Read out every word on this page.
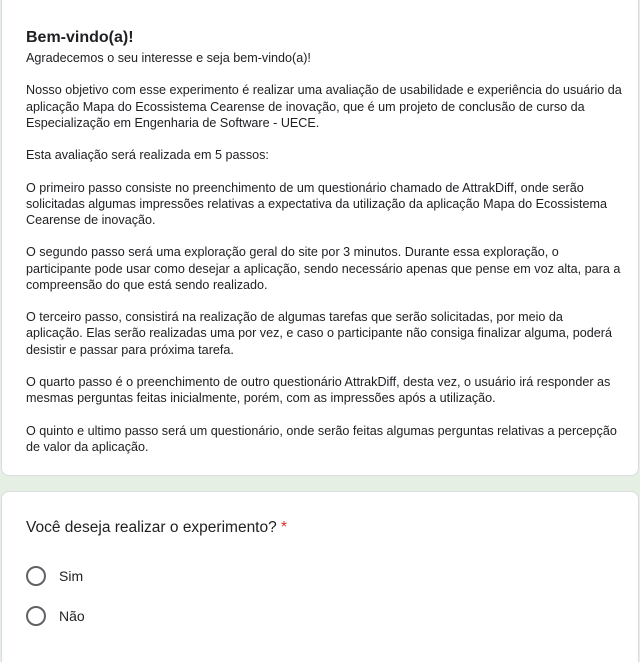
Bem-vindo(a)!

Agradecemos o seu interesse e seja bem-vindo(a)!

Nosso objetivo com esse experimento é realizar uma avaliação de usabilidade e experiência do usuário da aplicação Mapa do Ecossistema Cearense de inovação, que é um projeto de conclusão de curso da Especialização em Engenharia de Software - UECE.

Esta avaliação será realizada em 5 passos:

O primeiro passo consiste no preenchimento de um questionário chamado de AttrakDiff, onde serão solicitadas algumas impressões relativas a expectativa da utilização da aplicação Mapa do Ecossistema Cearense de inovação.

O segundo passo será uma exploração geral do site por 3 minutos. Durante essa exploração, o participante pode usar como desejar a aplicação, sendo necessário apenas que pense em voz alta, para a compreensão do que está sendo realizado.

O terceiro passo, consistirá na realização de algumas tarefas que serão solicitadas, por meio da aplicação. Elas serão realizadas uma por vez, e caso o participante não consiga finalizar alguma, poderá desistir e passar para próxima tarefa.

O quarto passo é o preenchimento de outro questionário AttrakDiff, desta vez, o usuário irá responder as mesmas perguntas feitas inicialmente, porém, com as impressões após a utilização.

O quinto e ultimo passo será um questionário, onde serão feitas algumas perguntas relativas a percepção de valor da aplicação.

Você deseja realizar o experimento? *
Sim
Não
